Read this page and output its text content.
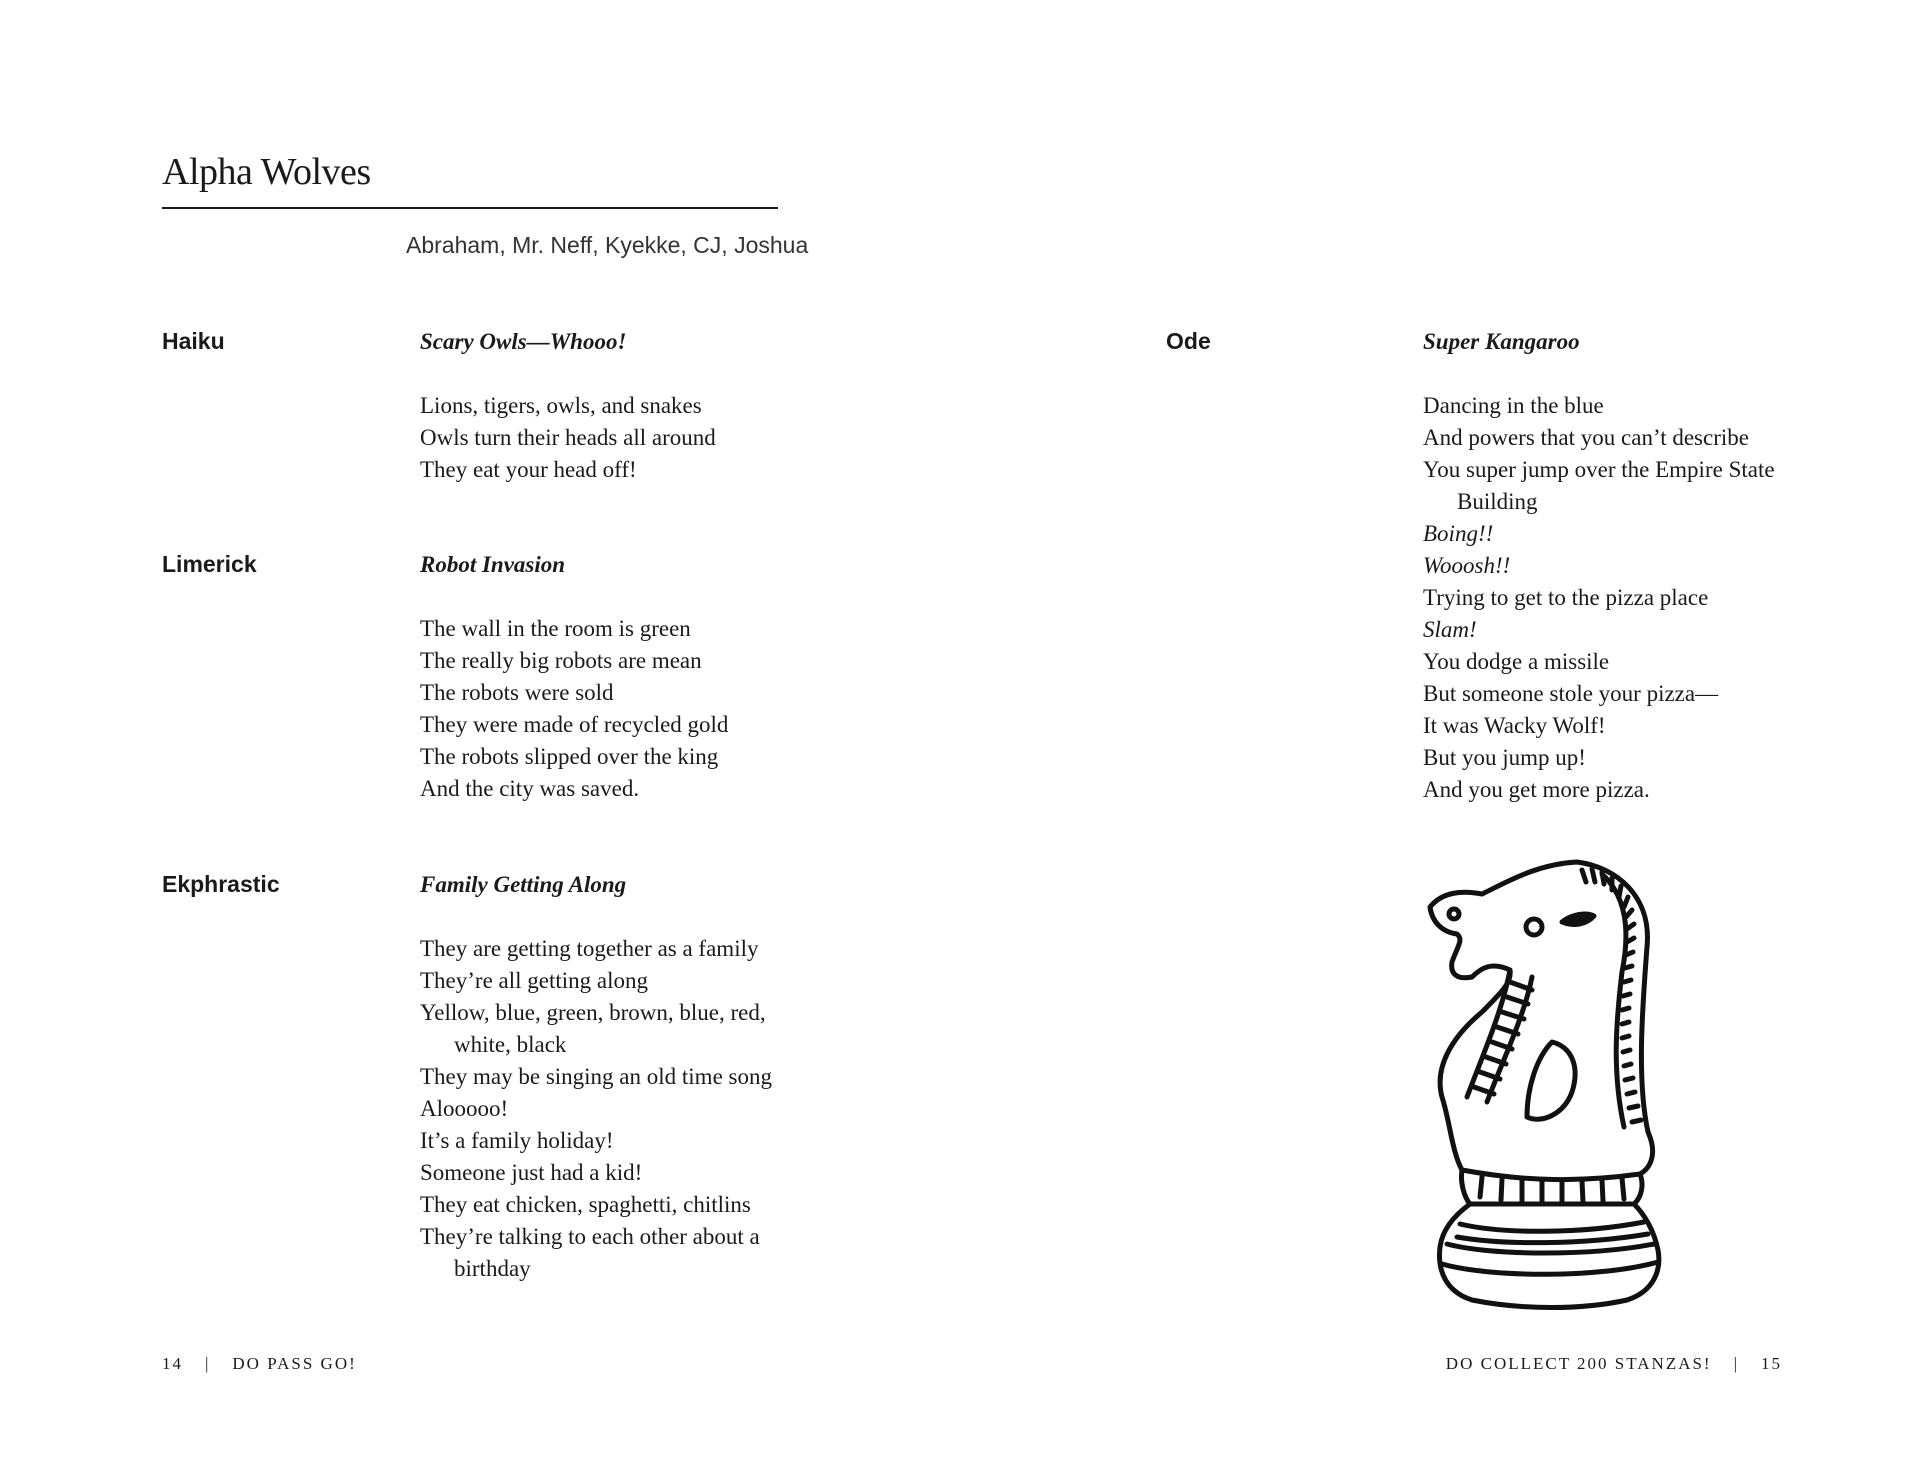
Alpha Wolves
Abraham, Mr. Neff, Kyekke, CJ, Joshua
Haiku	Scary Owls—Whooo!
Lions, tigers, owls, and snakes
Owls turn their heads all around
They eat your head off!
Limerick	Robot Invasion
The wall in the room is green
The really big robots are mean
The robots were sold
They were made of recycled gold
The robots slipped over the king
And the city was saved.
Ekphrastic	Family Getting Along
They are getting together as a family
They’re all getting along
Yellow, blue, green, brown, blue, red,
white, black
They may be singing an old time song
Alooooo!
It’s a family holiday!
Someone just had a kid!
They eat chicken, spaghetti, chitlins
They’re talking to each other about a
birthday
Ode	Super Kangaroo
Dancing in the blue
And powers that you can’t describe
You super jump over the Empire State
Building
Boing!!
Wooosh!!
Trying to get to the pizza place
Slam!
You dodge a missile
But someone stole your pizza—
It was Wacky Wolf!
But you jump up!
And you get more pizza.
14 | DO PASS GO!	DO COLLECT 200 STANZAS! | 15
